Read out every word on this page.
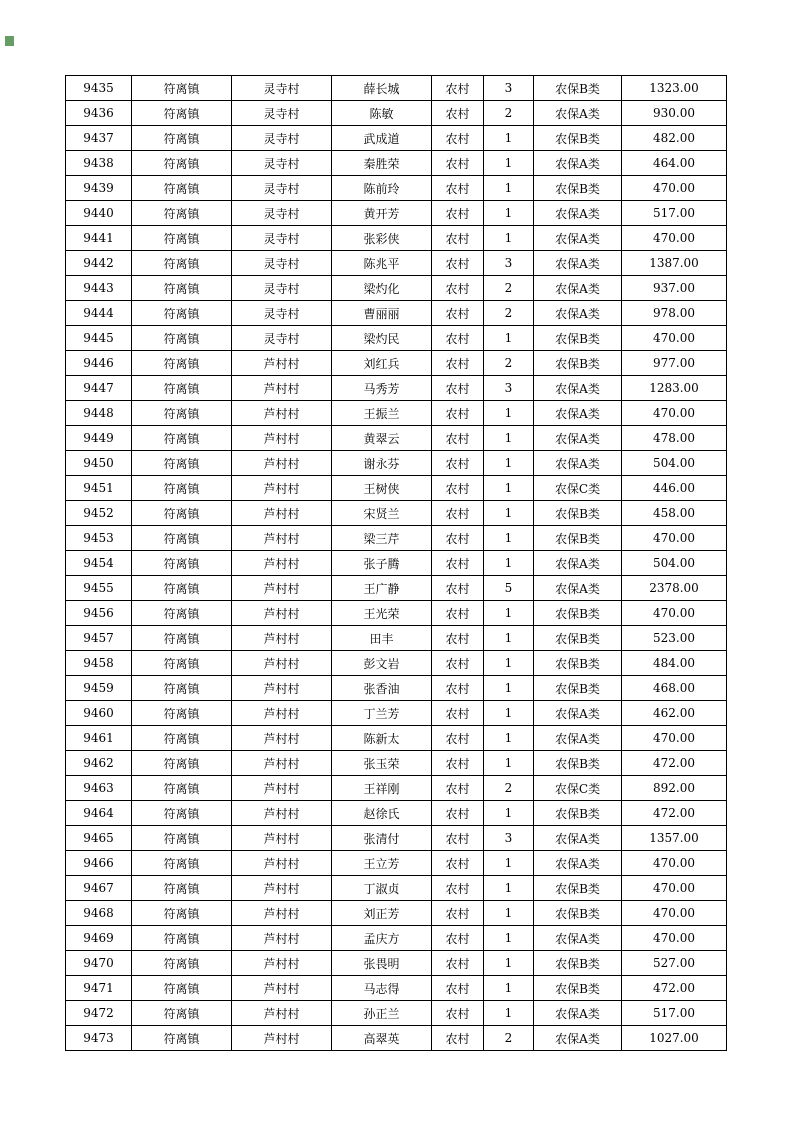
9435	符离镇	灵寺村	薛长城	农村	3	农保B类	1323.00
9436	符离镇	灵寺村	陈敏	农村	2	农保A类	930.00
9437	符离镇	灵寺村	武成道	农村	1	农保B类	482.00
9438	符离镇	灵寺村	秦胜荣	农村	1	农保A类	464.00
9439	符离镇	灵寺村	陈前玲	农村	1	农保B类	470.00
9440	符离镇	灵寺村	黄开芳	农村	1	农保A类	517.00
9441	符离镇	灵寺村	张彩侠	农村	1	农保A类	470.00
9442	符离镇	灵寺村	陈兆平	农村	3	农保A类	1387.00
9443	符离镇	灵寺村	梁灼化	农村	2	农保A类	937.00
9444	符离镇	灵寺村	曹丽丽	农村	2	农保A类	978.00
9445	符离镇	灵寺村	梁灼民	农村	1	农保B类	470.00
9446	符离镇	芦村村	刘红兵	农村	2	农保B类	977.00
9447	符离镇	芦村村	马秀芳	农村	3	农保A类	1283.00
9448	符离镇	芦村村	王振兰	农村	1	农保A类	470.00
9449	符离镇	芦村村	黄翠云	农村	1	农保A类	478.00
9450	符离镇	芦村村	谢永芬	农村	1	农保A类	504.00
9451	符离镇	芦村村	王树侠	农村	1	农保C类	446.00
9452	符离镇	芦村村	宋贤兰	农村	1	农保B类	458.00
9453	符离镇	芦村村	梁三芹	农村	1	农保B类	470.00
9454	符离镇	芦村村	张子腾	农村	1	农保A类	504.00
9455	符离镇	芦村村	王广静	农村	5	农保A类	2378.00
9456	符离镇	芦村村	王光荣	农村	1	农保B类	470.00
9457	符离镇	芦村村	田丰	农村	1	农保B类	523.00
9458	符离镇	芦村村	彭文岩	农村	1	农保B类	484.00
9459	符离镇	芦村村	张香油	农村	1	农保B类	468.00
9460	符离镇	芦村村	丁兰芳	农村	1	农保A类	462.00
9461	符离镇	芦村村	陈新太	农村	1	农保A类	470.00
9462	符离镇	芦村村	张玉荣	农村	1	农保B类	472.00
9463	符离镇	芦村村	王祥刚	农村	2	农保C类	892.00
9464	符离镇	芦村村	赵徐氏	农村	1	农保B类	472.00
9465	符离镇	芦村村	张清付	农村	3	农保A类	1357.00
9466	符离镇	芦村村	王立芳	农村	1	农保A类	470.00
9467	符离镇	芦村村	丁淑贞	农村	1	农保B类	470.00
9468	符离镇	芦村村	刘正芳	农村	1	农保B类	470.00
9469	符离镇	芦村村	孟庆方	农村	1	农保A类	470.00
9470	符离镇	芦村村	张畏明	农村	1	农保B类	527.00
9471	符离镇	芦村村	马志得	农村	1	农保B类	472.00
9472	符离镇	芦村村	孙正兰	农村	1	农保A类	517.00
9473	符离镇	芦村村	高翠英	农村	2	农保A类	1027.00
